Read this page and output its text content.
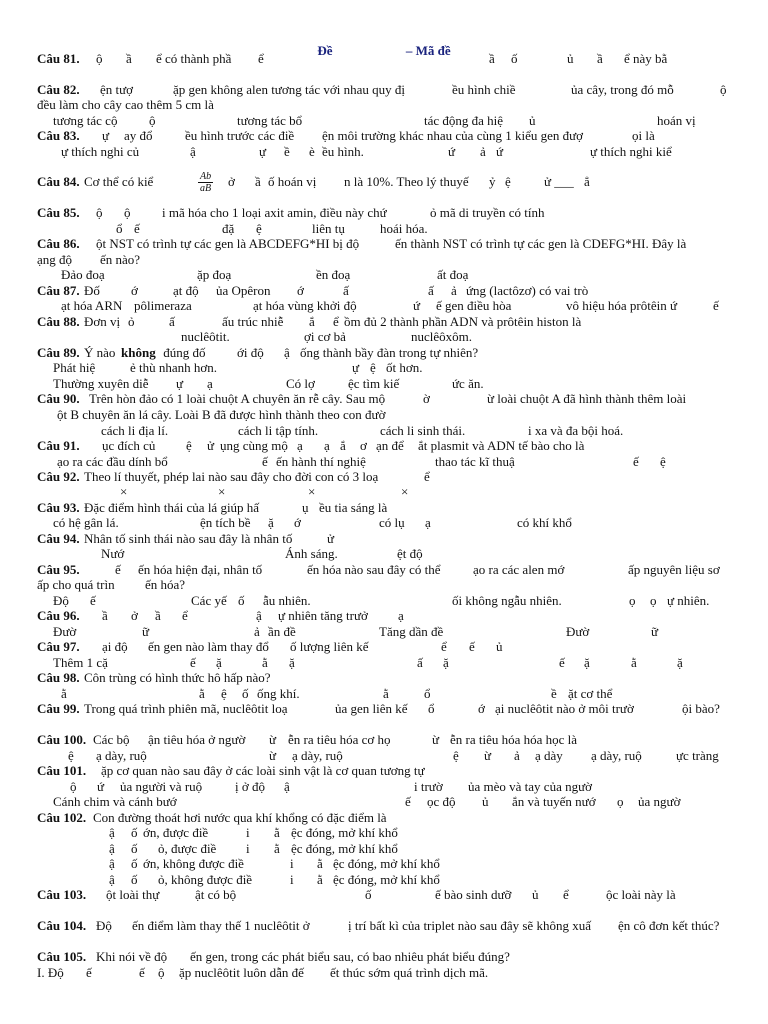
Đề	– Mã đề
Câu 81. ộ ầ ể có thành phầ ể	ầ ố	ủ ầ ể này bằ
Câu 82. ện tượ	ặp gen không alen tương tác với nhau quy đị	ều hình chiề	ủa cây, trong đó mỗ	ộ
đều làm cho cây cao thêm 5 cm là
tương tác cộ ộ	tương tác bổ	tác động đa hiệ ủ	hoán vị
Câu 83. ự ay đổ ều hình trước các điề ện môi trường khác nhau của cùng 1 kiểu gen đượ	ọi là
ự thích nghi củ	ậ	ự ề è ều hình.	ứ ả ứ	ự thích nghi kiể
Câu 84. Cơ thể có kiể	ở ầ ố hoán vị n là 10%. Theo lý thuyế ỷ ệ	ử ___ ẳ
Câu 85. ộ ộ i mã hóa cho 1 loại axit amin, điều này chứ	ỏ mã di truyền có tính
ổ ế	đặ ệ	liên tụ	hoái hóa.
Câu 86. ột NST có trình tự các gen là ABCDEFG*HI bị độ	ến thành NST có trình tự các gen là CDEFG*HI. Đây là
ạng độ ến nào?
Đảo đoạ	ặp đoạ	ền đoạ	ất đoạ
Câu 87. Đố ớ	ạt độ ủa Opêron ớ	ấ	ấ ả ứng (lactôzơ) có vai trò
ạt hóa ARN pôlimeraza	ạt hóa vùng khởi độ	ứ ế gen điều hòa	vô hiệu hóa prôtêin ứ	ế
Câu 88. Đơn vị ỏ	ấ	ấu trúc nhiễ ắ ể ồm đủ 2 thành phần ADN và prôtêin histon là
nuclêôtit.	ợi cơ bả	nuclêôxôm.
Câu 89. Ý nào không đúng đố ới độ ậ ống thành bầy đàn trong tự nhiên?
Phát hiệ	ẻ thù nhanh hơn.	ự ệ ốt hơn.
Thường xuyên diễ ự ạ	Có lợ	ệc tìm kiế	ức ăn.
Câu 90. Trên hòn đảo có 1 loài chuột A chuyên ăn rễ cây. Sau mộ	ờ	ừ loài chuột A đã hình thành thêm loài
ột B chuyên ăn lá cây. Loài B đã được hình thành theo con đườ
cách li địa lí.	cách li tập tính.	cách li sinh thái.	i xa và đa bội hoá.
Câu 91. ục đích củ ệ ử ụng cùng mộ ạ ạ ắ ơ ạn để ắt plasmit và ADN tế bào cho là
ạo ra các đầu dính bổ	ế ến hành thí nghiệ	thao tác kĩ thuậ	ế ệ
Câu 92. Theo lí thuyết, phép lai nào sau đây cho đời con có 3 loạ	ể
×	×	×	×
Câu 93. Đặc điểm hình thái của lá giúp hấ	ụ ều tia sáng là
có hệ gân lá.	ện tích bề ặ ớ	có lụ ạ	có khí khổ
Câu 94. Nhân tố sinh thái nào sau đây là nhân tố	ử
Nướ	Ánh sáng.	ệt độ
Câu 95.	ế ến hóa hiện đại, nhân tố	ến hóa nào sau đây có thể ạo ra các alen mớ	ấp nguyên liệu sơ
ấp cho quá trìn ến hóa?
Độ ế	Các yế ố ẫu nhiên.	ối không ngẫu nhiên.	ọ ọ ự nhiên.
Câu 96. ầ ở ầ ể	ậ ự nhiên tăng trưở ạ
Đườ	ữ	ả ần đề	Tăng dần đề	Đườ	ữ
Câu 97. ại độ ến gen nào làm thay đổ ố lượng liên kế	ể ế ủ
Thêm 1 cặ	ế ặ	ằ ặ	ấ ặ	ế ặ	ằ	ặ
Câu 98. Côn trùng có hình thức hô hấp nào?
ằ	ằ ệ ố ống khí.	ằ	ổ	ề ặt cơ thể
Câu 99. Trong quá trình phiên mã, nuclêôtit loạ	ủa gen liên kế ổ	ớ ại nuclêôtit nào ở môi trườ	ội bào?
Câu 100. Các bộ ận tiêu hóa ở ngườ ừ ễn ra tiêu hóa cơ họ	ừ ễn ra tiêu hóa hóa học là
ệ ạ dày, ruộ	ừ ạ dày, ruộ	ệ ừ ả ạ dày ạ dày, ruộ	ực tràng
Câu 101. ặp cơ quan nào sau đây ở các loài sinh vật là cơ quan tương tự
ộ ứ ủa người và ruộ	ị ở độ ậ	i trườ ủa mèo và tay của ngườ
Cánh chim và cánh bướ	ế ọc độ ủ ắn và tuyến nướ ọ ủa ngườ
Câu 102. Con đường thoát hơi nước qua khí khổng có đặc điểm là
ậ ố ớn, được điề	i ằ ệc đóng, mở khí khổ
ậ ố ỏ, được điề i ằ ệc đóng, mở khí khổ
ậ ố ớn, không được điề	i ằ ệc đóng, mở khí khổ
ậ ố ỏ, không được điề	i ằ ệc đóng, mở khí khổ
Câu 103. ột loài thự	ật có bộ	ố	ế bào sinh dưỡ ủ ể	ộc loài này là
Câu 104. Độ ến điểm làm thay thế 1 nuclêôtit ở	ị trí bất kì của triplet nào sau đây sẽ không xuấ ện cô đơn kết thúc?
Câu 105. Khi nói về độ ến gen, trong các phát biểu sau, có bao nhiêu phát biểu đúng?
I. Độ ế	ế ộ ặp nuclêôtit luôn dẫn đế ết thúc sớm quá trình dịch mã.
$\frac{Ab}{aB}$
